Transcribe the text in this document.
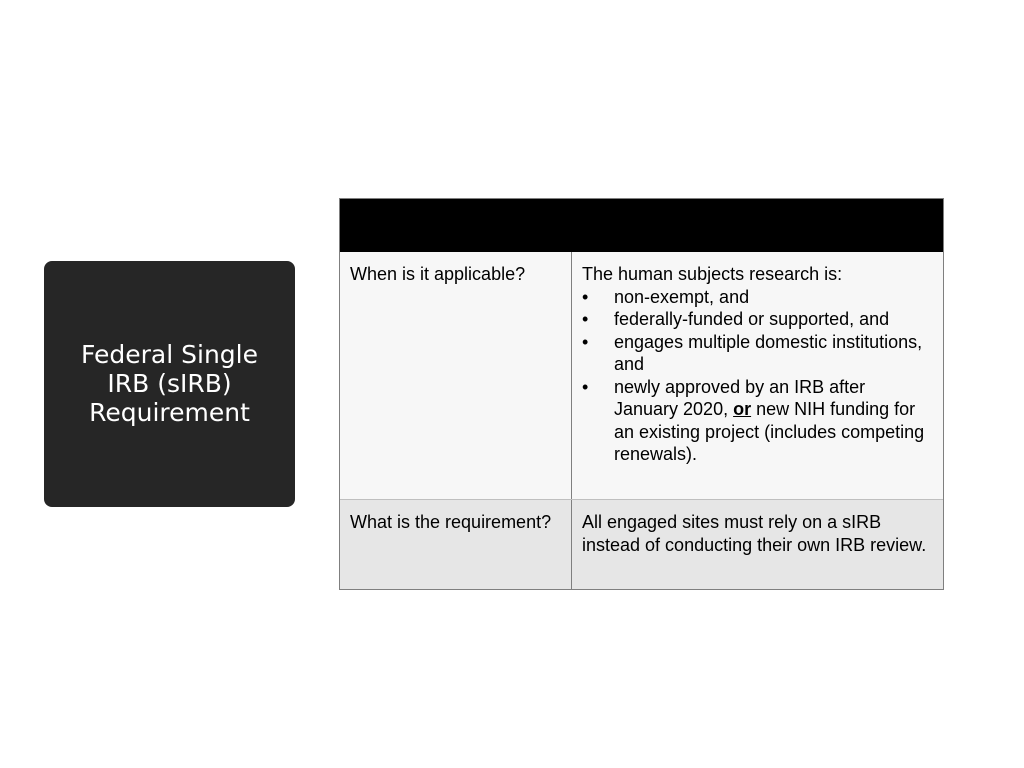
Federal Single IRB (sIRB) Requirement
When is it applicable?	The human subjects research is:
• non-exempt, and
• federally-funded or supported, and
• engages multiple domestic institutions, and
• newly approved by an IRB after January 2020, or new NIH funding for an existing project (includes competing renewals).
What is the requirement?	All engaged sites must rely on a sIRB instead of conducting their own IRB review.
